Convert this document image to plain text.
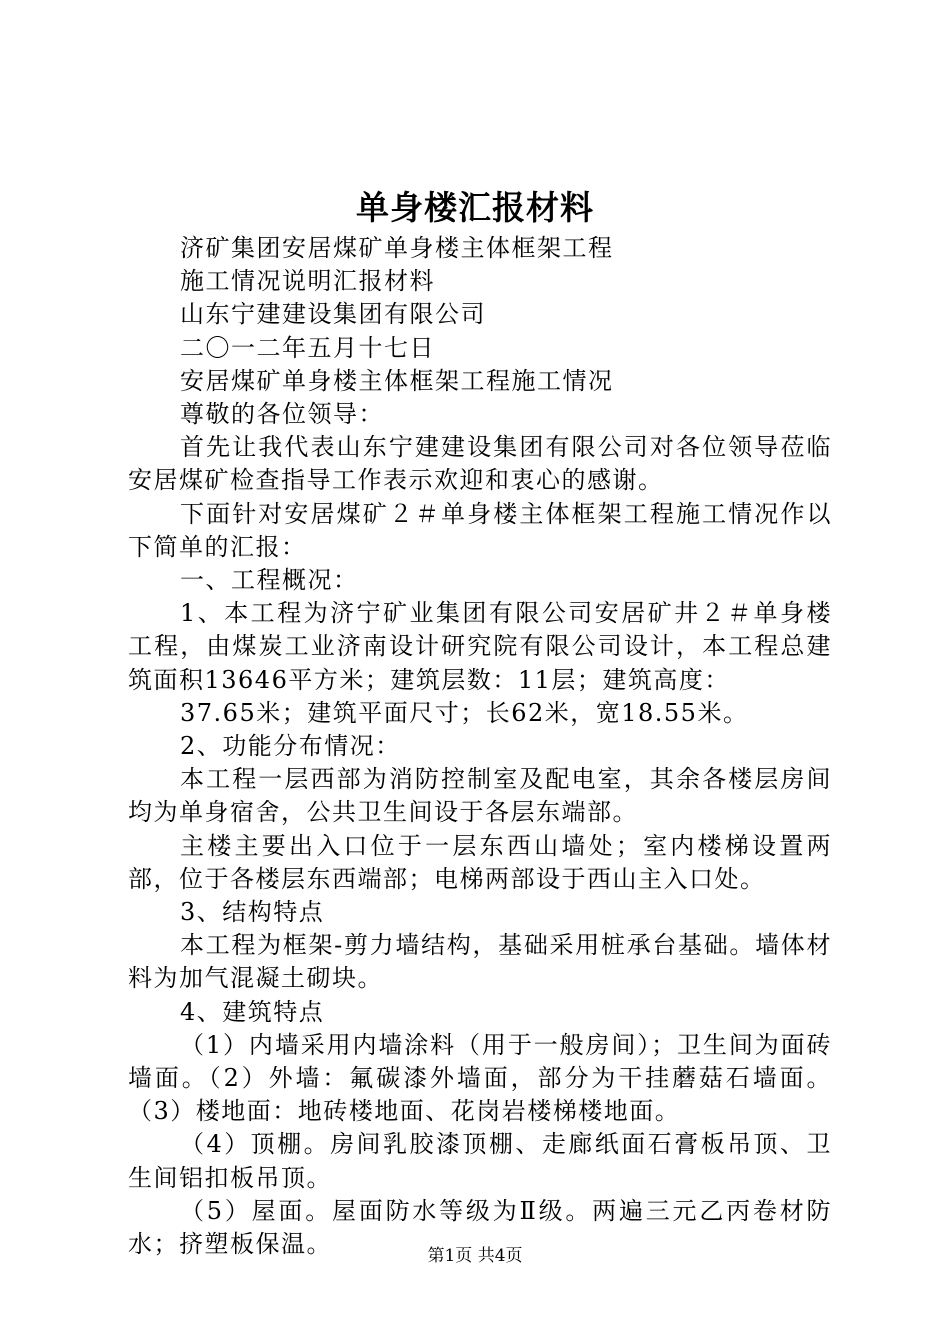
单身楼汇报材料

济矿集团安居煤矿单身楼主体框架工程

施工情况说明汇报材料

山东宁建建设集团有限公司

二〇一二年五月十七日

安居煤矿单身楼主体框架工程施工情况

尊敬的各位领导：

首先让我代表山东宁建建设集团有限公司对各位领导莅临安居煤矿检查指导工作表示欢迎和衷心的感谢。

下面针对安居煤矿２＃单身楼主体框架工程施工情况作以下简单的汇报：

一、工程概况：

1、本工程为济宁矿业集团有限公司安居矿井２＃单身楼工程，由煤炭工业济南设计研究院有限公司设计，本工程总建筑面积13646平方米；建筑层数：11层；建筑高度：

37.65米；建筑平面尺寸；长62米，宽18.55米。

2、功能分布情况：

本工程一层西部为消防控制室及配电室，其余各楼层房间均为单身宿舍，公共卫生间设于各层东端部。

主楼主要出入口位于一层东西山墙处；室内楼梯设置两部，位于各楼层东西端部；电梯两部设于西山主入口处。

3、结构特点

本工程为框架-剪力墙结构，基础采用桩承台基础。墙体材料为加气混凝土砌块。

4、建筑特点

（1）内墙采用内墙涂料（用于一般房间）；卫生间为面砖墙面。（2）外墙：氟碳漆外墙面，部分为干挂蘑菇石墙面。（3）楼地面：地砖楼地面、花岗岩楼梯楼地面。

（4）顶棚。房间乳胶漆顶棚、走廊纸面石膏板吊顶、卫生间铝扣板吊顶。

（5）屋面。屋面防水等级为Ⅱ级。两遍三元乙丙卷材防水；挤塑板保温。	第1页 共4页
